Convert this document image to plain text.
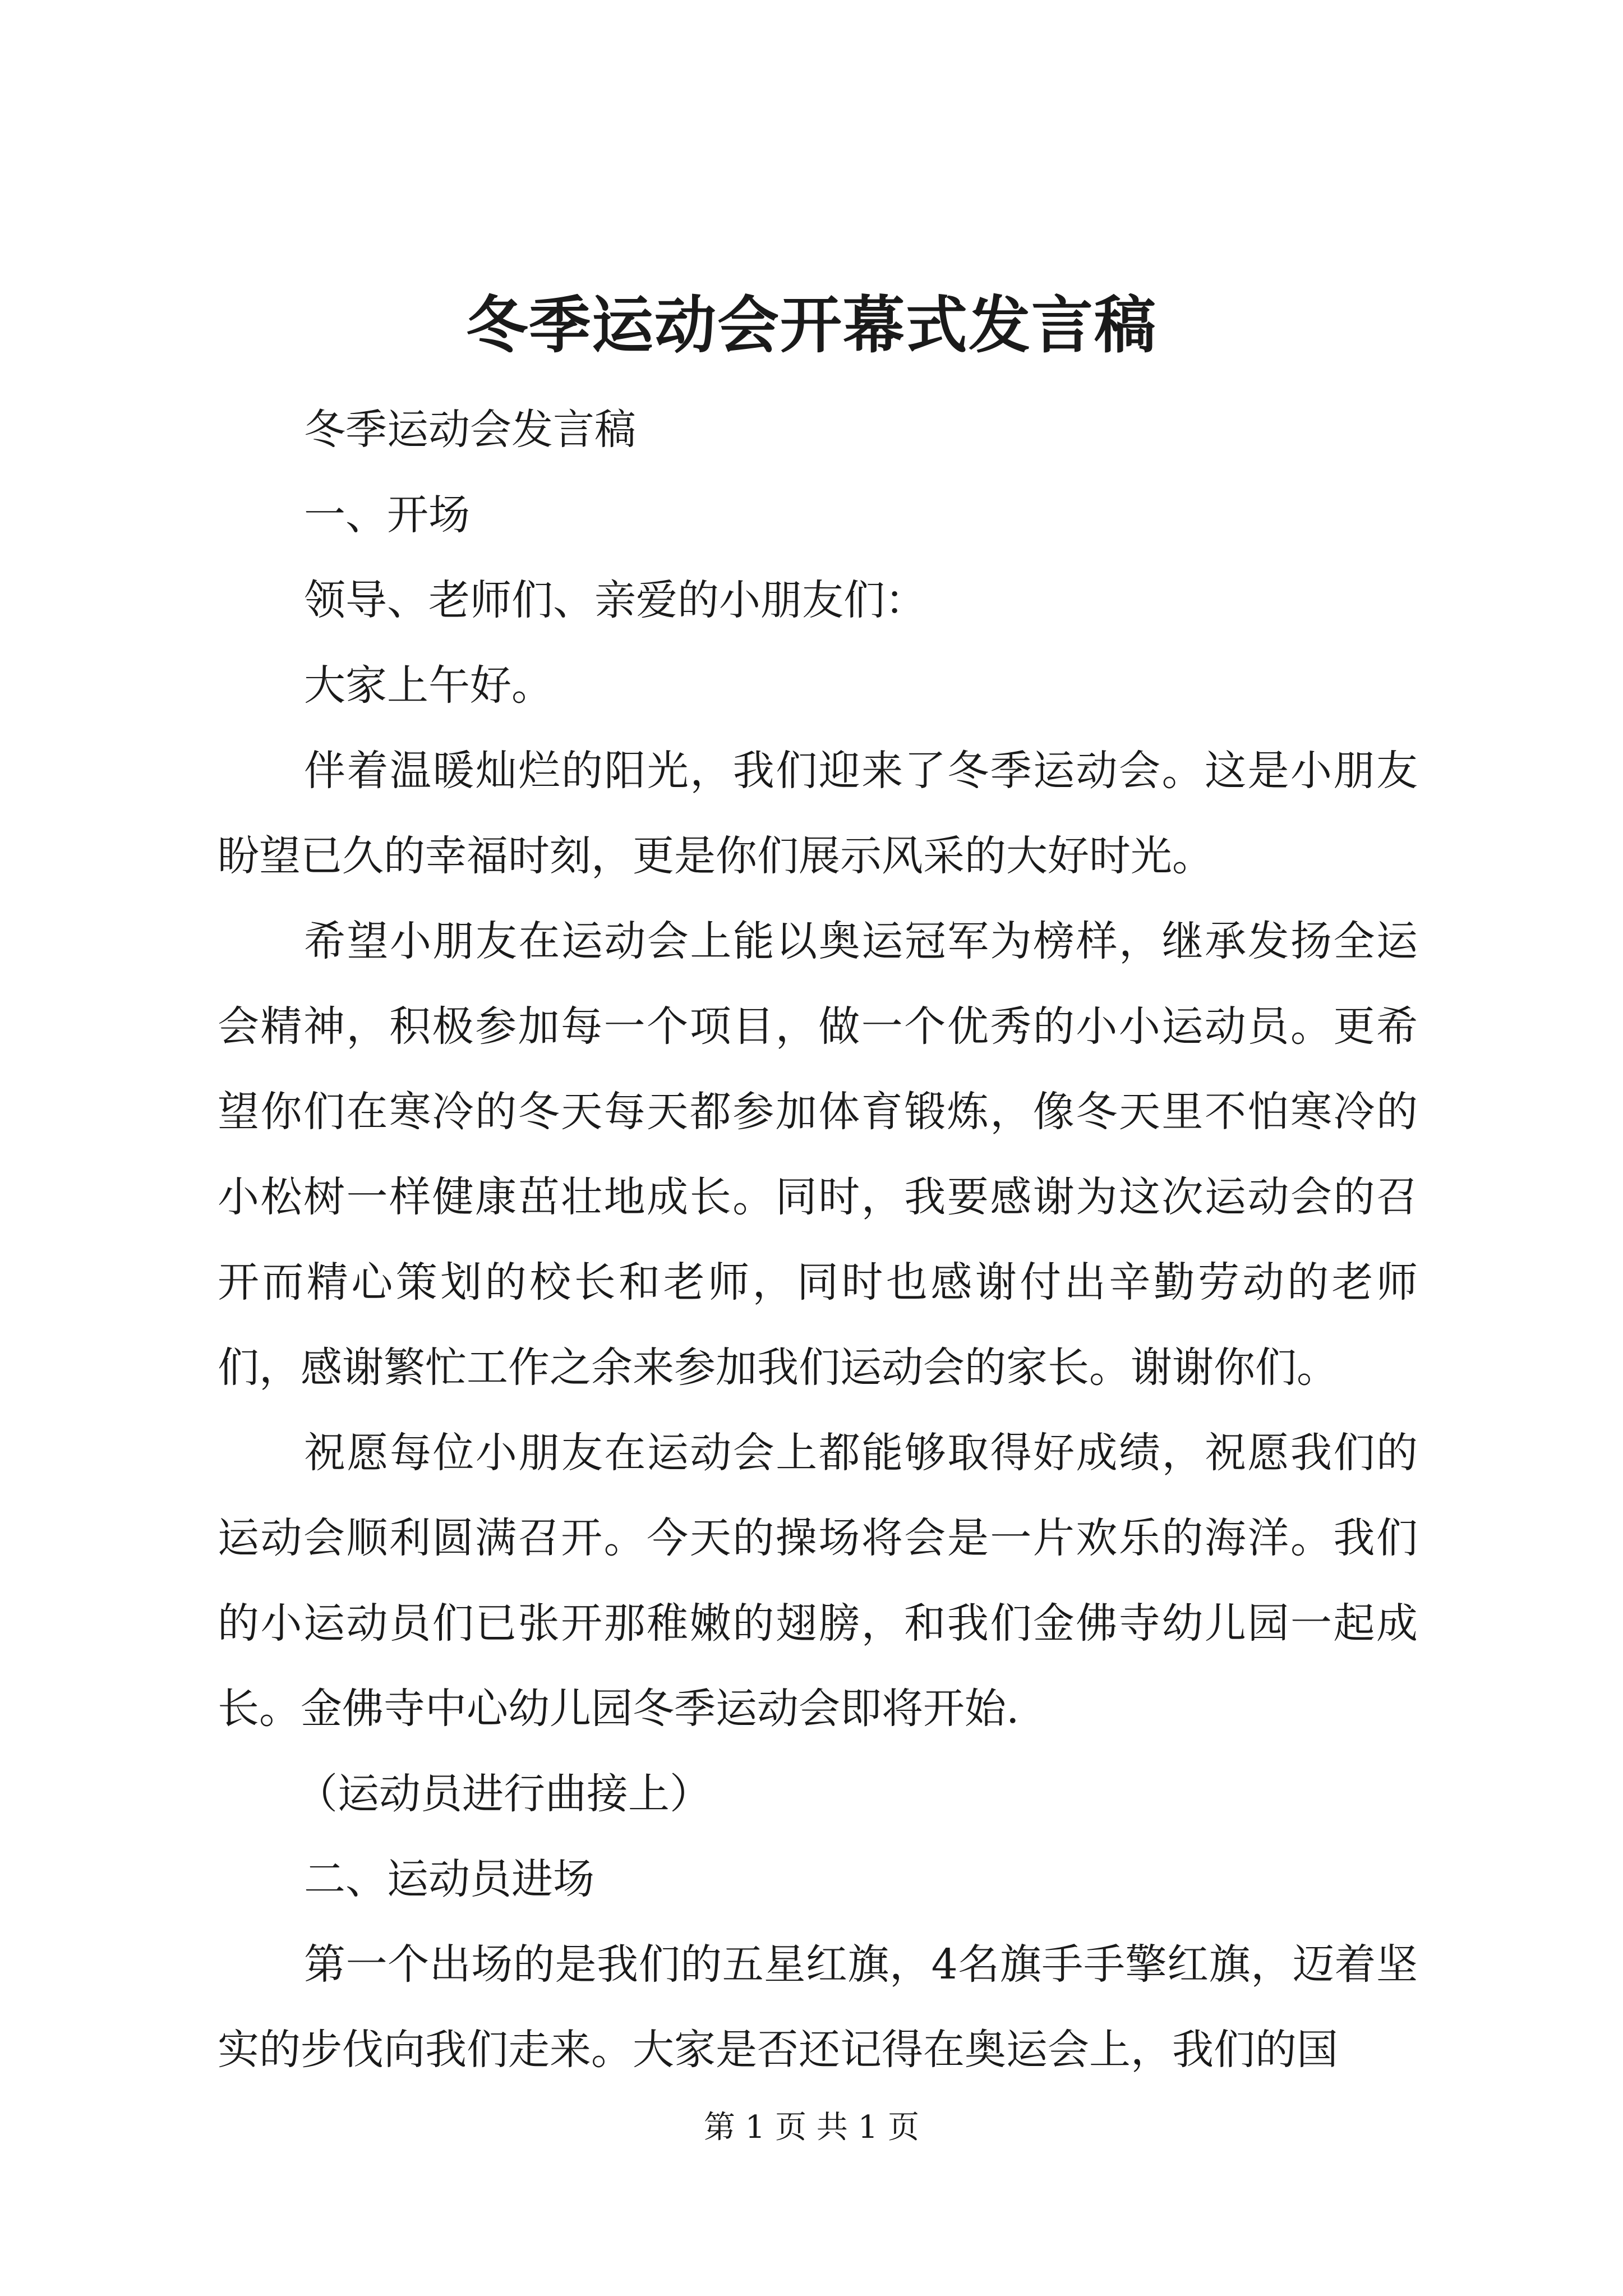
冬季运动会开幕式发言稿

冬季运动会发言稿

一、开场

领导、老师们、亲爱的小朋友们：

大家上午好。

伴着温暖灿烂的阳光，我们迎来了冬季运动会。这是小朋友盼望已久的幸福时刻，更是你们展示风采的大好时光。

希望小朋友在运动会上能以奥运冠军为榜样，继承发扬全运会精神，积极参加每一个项目，做一个优秀的小小运动员。更希望你们在寒冷的冬天每天都参加体育锻炼，像冬天里不怕寒冷的小松树一样健康茁壮地成长。同时，我要感谢为这次运动会的召开而精心策划的校长和老师，同时也感谢付出辛勤劳动的老师们，感谢繁忙工作之余来参加我们运动会的家长。谢谢你们。

祝愿每位小朋友在运动会上都能够取得好成绩，祝愿我们的运动会顺利圆满召开。今天的操场将会是一片欢乐的海洋。我们的小运动员们已张开那稚嫩的翅膀，和我们金佛寺幼儿园一起成长。金佛寺中心幼儿园冬季运动会即将开始.

（运动员进行曲接上）

二、运动员进场

第一个出场的是我们的五星红旗，4名旗手手擎红旗，迈着坚实的步伐向我们走来。大家是否还记得在奥运会上，我们的国

第 1 页 共 1 页
